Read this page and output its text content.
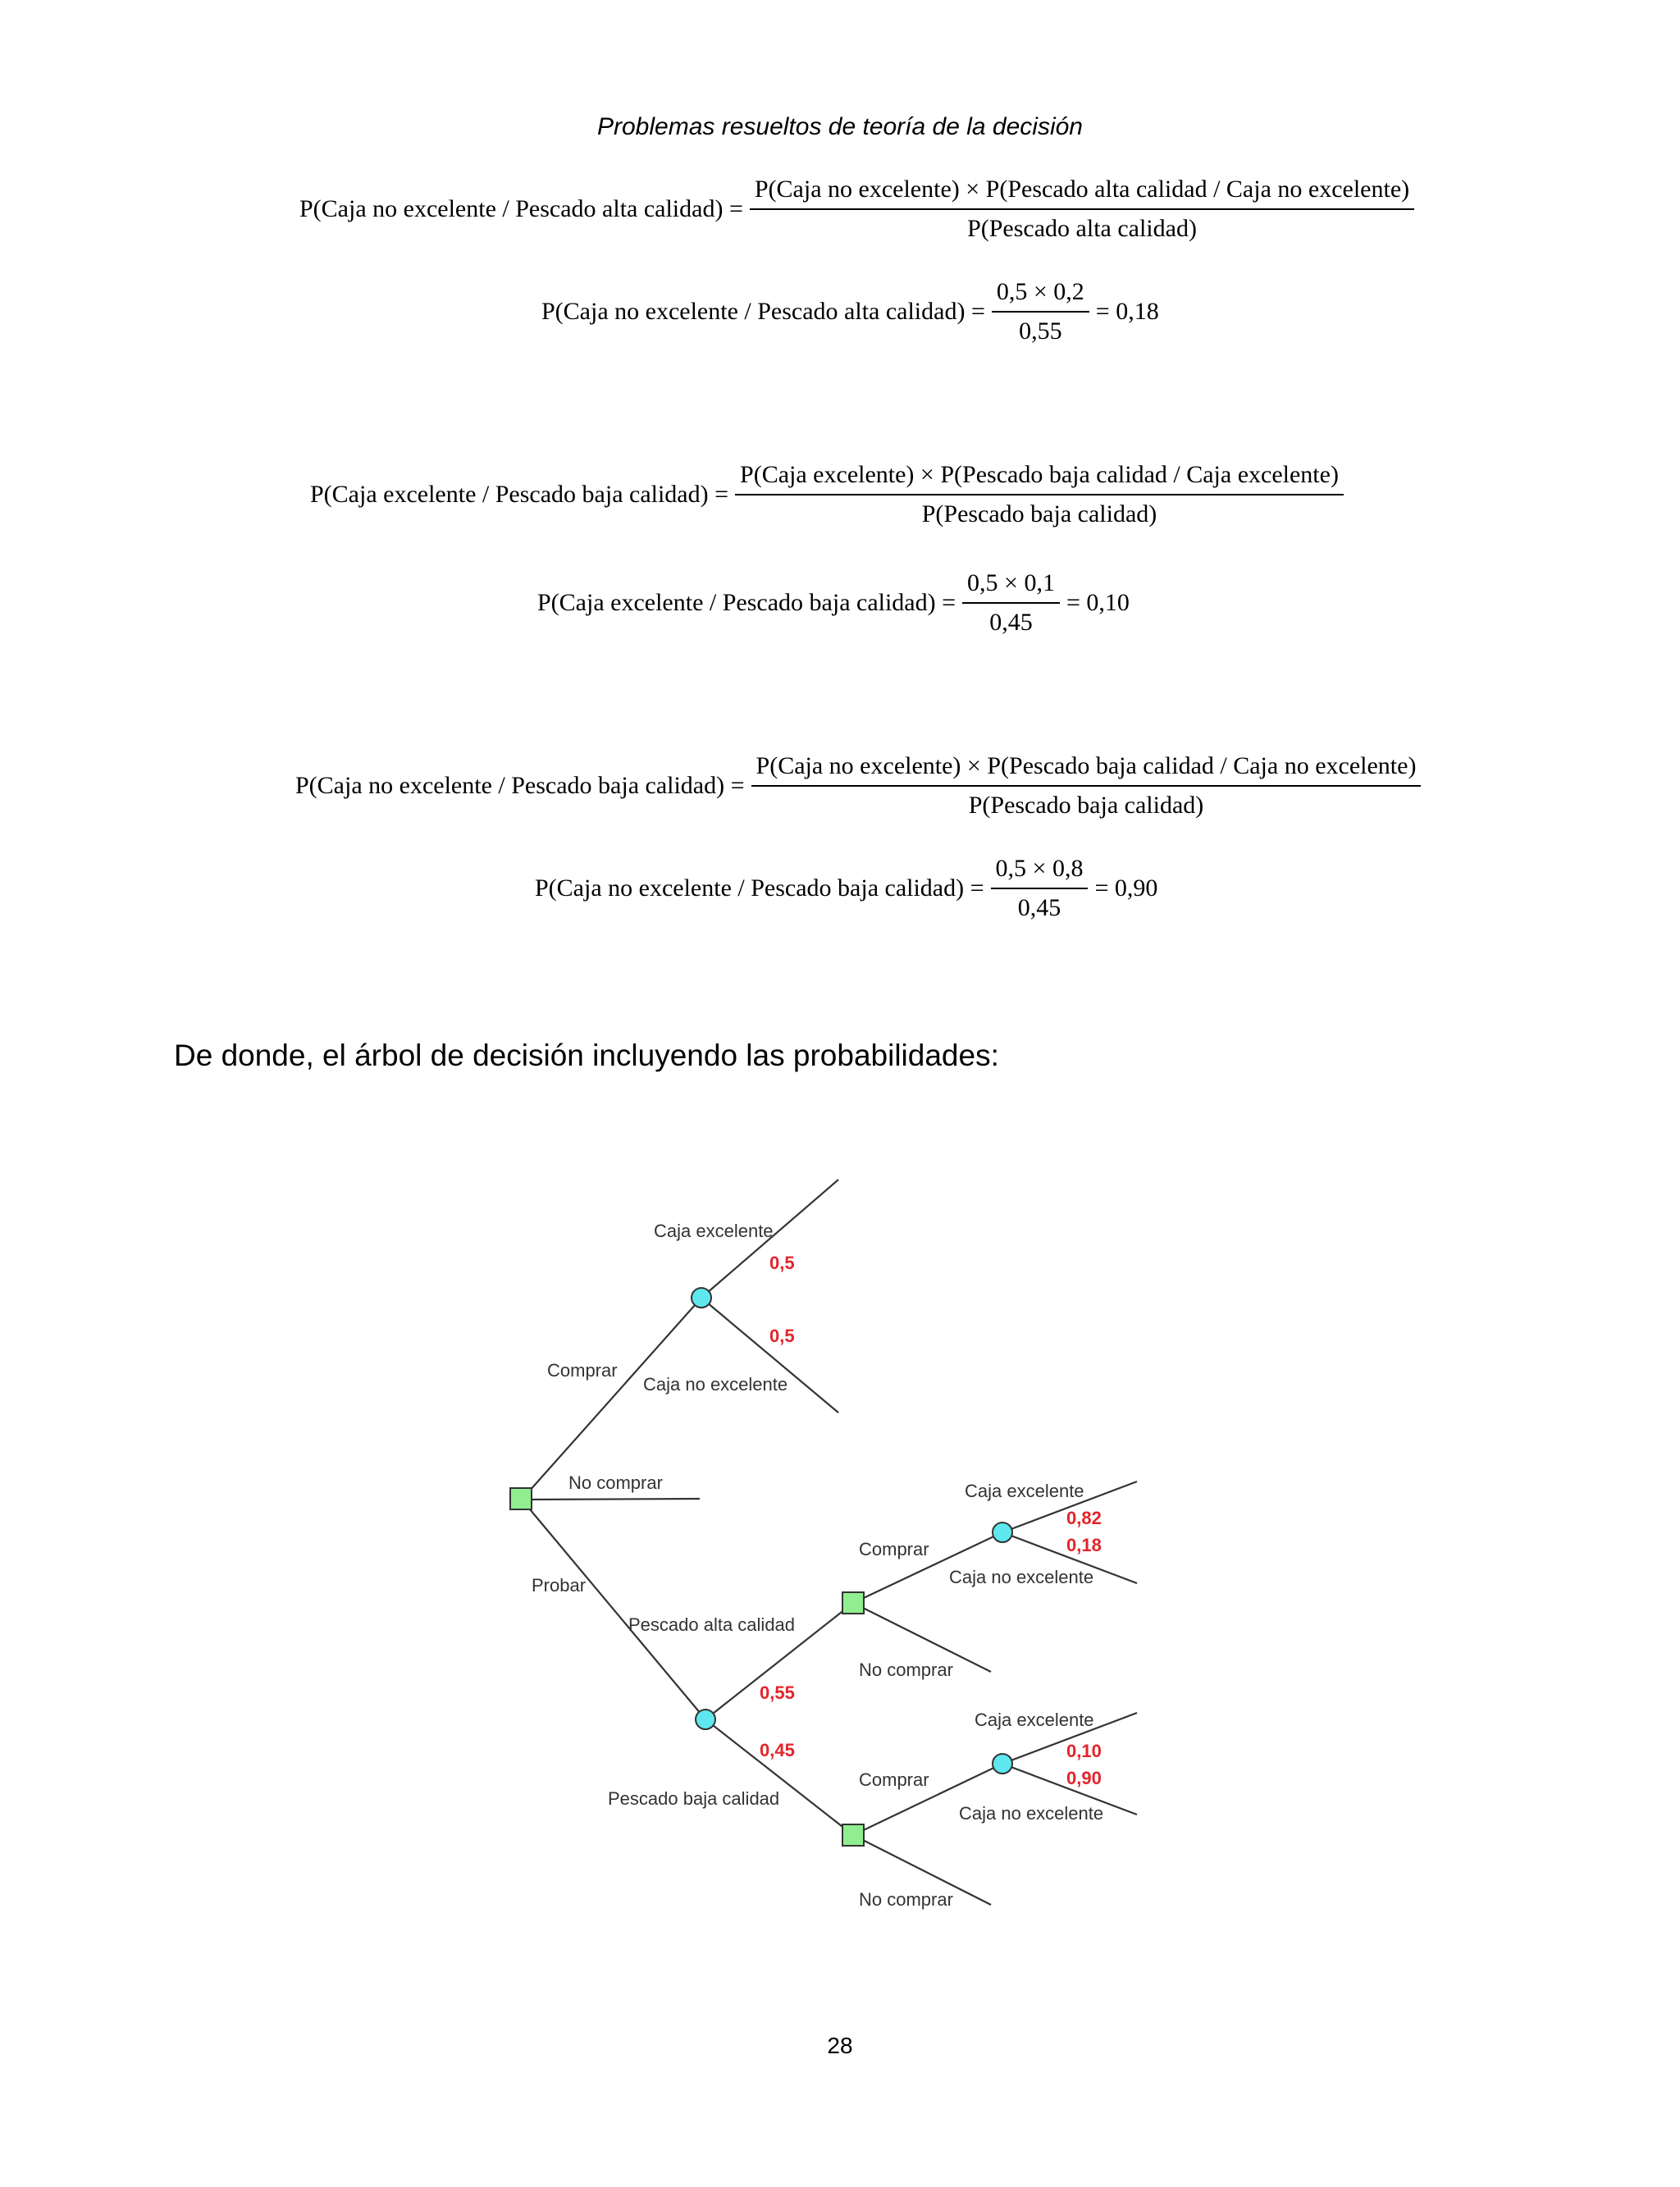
Problemas resueltos de teoría de la decisión
P(Caja no excelente / Pescado alta calidad) =
P(Caja no excelente) × P(Pescado alta calidad / Caja no excelente)
P(Pescado alta calidad)
P(Caja no excelente / Pescado alta calidad) = $\frac{0,5 \times 0,2}{0,55} = 0,18$
P(Caja excelente / Pescado baja calidad) = $\frac{\text{P(Caja excelente) × P(Pescado baja calidad / Caja excelente)}}{\text{P(Pescado baja calidad)}}$
P(Caja excelente / Pescado baja calidad) = $\frac{0,5 \times 0,1}{0,45} = 0,10$
P(Caja no excelente / Pescado baja calidad) =
P(Caja no excelente) × P(Pescado baja calidad / Caja no excelente)
P(Pescado baja calidad)
P(Caja no excelente / Pescado baja calidad) = $\frac{0,5 \times 0,8}{0,45} = 0,90$
De donde, el árbol de decisión incluyendo las probabilidades:
Caja excelente
Caja no excelente
Comprar
No comprar
Probar
Pescado alta calidad
Pescado baja calidad
Comprar
No comprar
Caja excelente
Caja no excelente
Comprar
No comprar
Caja excelente
Caja no excelente
0,5
0,5
0,55
0,45
0,82
0,18
0,10
0,90
28
